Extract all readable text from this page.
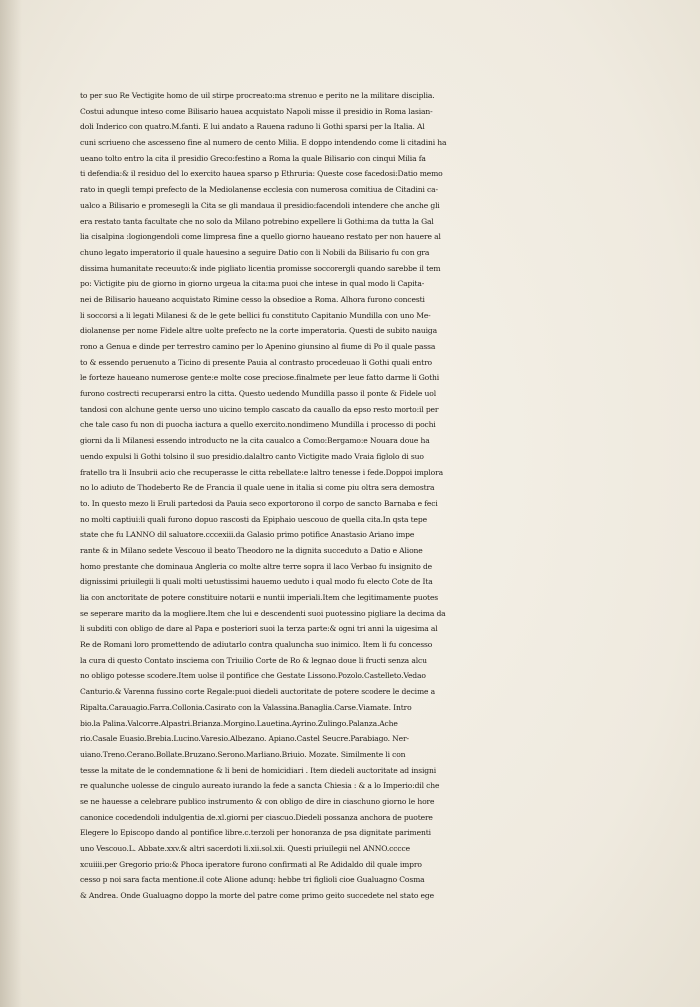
to per suo Re Vectigite homo de uil stirpe procreato:ma strenuo e perito ne la militare disciplia.
Costui adunque inteso come Bilisario hauea acquistato Napoli misse il presidio in Roma lasian-
doli Inderico con quatro.M.fanti. E lui andato a Rauena raduno li Gothi sparsi per la Italia. Al
cuni scriueno che ascesseno fine al numero de cento Milia. E doppo intendendo come li citadini ha
ueano tolto entro la cita il presidio Greco:festino a Roma la quale Bilisario con cinqui Milia fa
ti defendia:& il residuo del lo exercito hauea sparso p Ethruria: Queste cose facedosi:Datio memo
rato in quegli tempi prefecto de la Mediolanense ecclesia con numerosa comitiua de Citadini ca-
ualco a Bilisario e promesegli la Cita se gli mandaua il presidio:facendoli intendere che anche gli
era restato tanta facultate che no solo da Milano potrebino expellere li Gothi:ma da tutta la Gal
lia cisalpina :logiongendoli come limpresa fine a quello giorno haueano restato per non hauere al
chuno legato imperatorio il quale hauesino a seguire Datio con li Nobili da Bilisario fu con gra
dissima humanitate receuuto:& inde pigliato licentia promisse soccorergli quando sarebbe il tem
po: Victigite piu de giorno in giorno urgeua la cita:ma puoi che intese in qual modo li Capita-
nei de Bilisario haueano acquistato Rimine cesso la obsedioe a Roma. Alhora furono concesti
li soccorsi a li legati Milanesi & de le gete bellici fu constituto Capitanio Mundilla con uno Me-
diolanense per nome Fidele altre uolte prefecto ne la corte imperatoria. Questi de subito nauiga
rono a Genua e dinde per terrestro camino per lo Apenino giunsino al fiume di Po il quale passa
to & essendo peruenuto a Ticino di presente Pauia al contrasto procedeuao li Gothi quali entro
le forteze haueano numerose gente:e molte cose preciose.finalmete per leue fatto darme li Gothi
furono costrecti recuperarsi entro la citta. Questo uedendo Mundilla passo il ponte & Fidele uol
tandosi con alchune gente uerso uno uicino templo cascato da cauallo da epso resto morto:il per
che tale caso fu non di puocha iactura a quello exercito.nondimeno Mundilla i processo di pochi
giorni da li Milanesi essendo introducto ne la cita caualco a Como:Bergamo:e Nouara doue ha
uendo expulsi li Gothi tolsino il suo presidio.dalaltro canto Victigite mado Vraia figlolo di suo
fratello tra li Insubrii acio che recuperasse le citta rebellate:e laltro tenesse i fede.Doppoi implora
no lo adiuto de Thodeberto Re de Francia il quale uene in italia si come piu oltra sera demostra
to. In questo mezo li Eruli partedosi da Pauia seco exportorono il corpo de sancto Barnaba e feci
no molti captiui:li quali furono dopuo rascosti da Epiphaio uescouo de quella cita.In qsta tepe
state che fu LANNO dil saluatore.cccexiii.da Galasio primo potifice Anastasio Ariano impe
rante & in Milano sedete Vescouo il beato Theodoro ne la dignita succeduto a Datio e Alione
homo prestante che dominaua Angleria co molte altre terre sopra il laco Verbao fu insignito de
dignissimi priuilegii li quali molti uetustissimi hauemo ueduto i qual modo fu electo Cote de Ita
lia con anctoritate de potere constituire notarii e nuntii imperiali.Item che legitimamente puotes
se seperare marito da la mogliere.Item che lui e descendenti suoi puotessino pigliare la decima da
li subditi con obligo de dare al Papa e posteriori suoi la terza parte:& ogni tri anni la uigesima al
Re de Romani loro promettendo de adiutarlo contra qualuncha suo inimico. Item li fu concesso
la cura di questo Contato insciema con Triuilio Corte de Ro & legnao doue li fructi senza alcu
no obligo potesse scodere.Item uolse il pontifice che Gestate Lissono.Pozolo.Castelleto.Vedao
Canturio.& Varenna fussino corte Regale:puoi diedeli auctoritate de potere scodere le decime a
Ripalta.Carauagio.Farra.Collonia.Casirato con la Valassina.Banaglia.Carse.Viamate. Intro
bio.la Palina.Valcorre.Alpastri.Brianza.Morgino.Lauetina.Ayrino.Zulingo.Palanza.Ache
rio.Casale Euasio.Brebia.Lucino.Varesio.Albezano. Apiano.Castel Seucre.Parabiago. Ner-
uiano.Treno.Cerano.Bollate.Bruzano.Serono.Marliano.Briuio. Mozate. Similmente li con
tesse la mitate de le condemnatione & li beni de homicidiari . Item diedeli auctoritate ad insigni
re qualunche uolesse de cingulo aureato iurando la fede a sancta Chiesia : & a lo Imperio:dil che
se ne hauesse a celebrare publico instrumento & con obligo de dire in ciaschuno giorno le hore
canonice cocedendoli indulgentia de.xl.giorni per ciascuo.Diedeli possanza anchora de puotere
Elegere lo Episcopo dando al pontifice libre.c.terzoli per honoranza de psa dignitate parimenti
uno Vescouo.L. Abbate.xxv.& altri sacerdoti li.xii.sol.xii. Questi priuilegii nel ANNO.cccce
xcuiiii.per Gregorio prio:& Phoca iperatore furono confirmati al Re Adidaldo dil quale impro
cesso p noi sara facta mentione.il cote Alione adunq: hebbe tri figlioli cioe Gualuagno Cosma
& Andrea. Onde Gualuagno doppo la morte del patre come primo geito succedete nel stato ege
